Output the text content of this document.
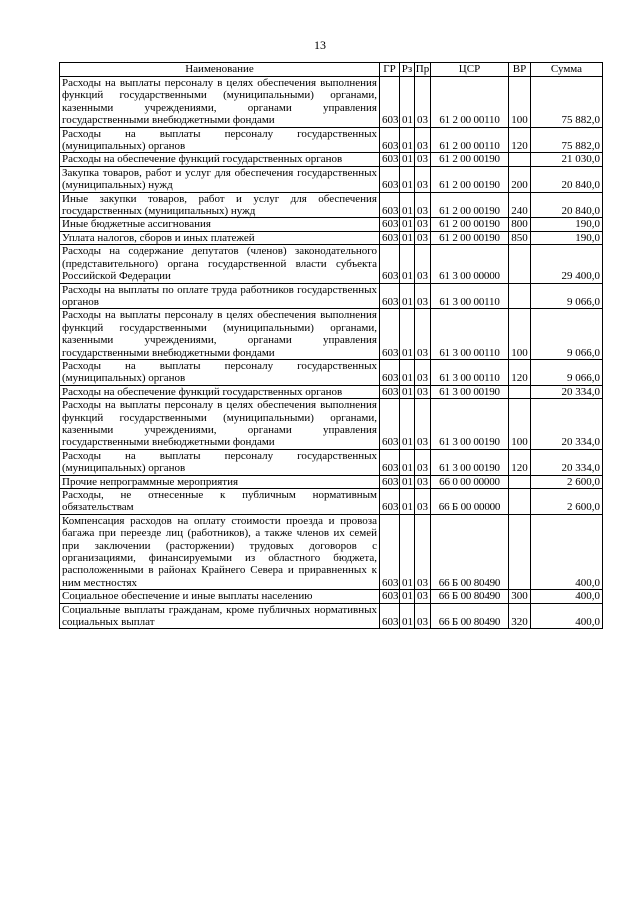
13
Наименование	ГР	Рз	Пр	ЦСР	ВР	Сумма
Расходы на выплаты персоналу в целях обеспечения выполнения функций государственными (муниципальными) органами, казенными учреждениями, органами управления государственными внебюджетными фондами	603	01	03	61 2 00 00110	100	75 882,0
Расходы на выплаты персоналу государственных (муниципальных) органов	603	01	03	61 2 00 00110	120	75 882,0
Расходы на обеспечение функций государственных органов	603	01	03	61 2 00 00190		21 030,0
Закупка товаров, работ и услуг для обеспечения государственных (муниципальных) нужд	603	01	03	61 2 00 00190	200	20 840,0
Иные закупки товаров, работ и услуг для обеспечения государственных (муниципальных) нужд	603	01	03	61 2 00 00190	240	20 840,0
Иные бюджетные ассигнования	603	01	03	61 2 00 00190	800	190,0
Уплата налогов, сборов и иных платежей	603	01	03	61 2 00 00190	850	190,0
Расходы на содержание депутатов (членов) законодательного (представительного) органа государственной власти субъекта Российской Федерации	603	01	03	61 3 00 00000		29 400,0
Расходы на выплаты по оплате труда работников государственных органов	603	01	03	61 3 00 00110		9 066,0
Расходы на выплаты персоналу в целях обеспечения выполнения функций государственными (муниципальными) органами, казенными учреждениями, органами управления государственными внебюджетными фондами	603	01	03	61 3 00 00110	100	9 066,0
Расходы на выплаты персоналу государственных (муниципальных) органов	603	01	03	61 3 00 00110	120	9 066,0
Расходы на обеспечение функций государственных органов	603	01	03	61 3 00 00190		20 334,0
Расходы на выплаты персоналу в целях обеспечения выполнения функций государственными (муниципальными) органами, казенными учреждениями, органами управления государственными внебюджетными фондами	603	01	03	61 3 00 00190	100	20 334,0
Расходы на выплаты персоналу государственных (муниципальных) органов	603	01	03	61 3 00 00190	120	20 334,0
Прочие непрограммные мероприятия	603	01	03	66 0 00 00000		2 600,0
Расходы, не отнесенные к публичным нормативным обязательствам	603	01	03	66 Б 00 00000		2 600,0
Компенсация расходов на оплату стоимости проезда и провоза багажа при переезде лиц (работников), а также членов их семей при заключении (расторжении) трудовых договоров с организациями, финансируемыми из областного бюджета, расположенными в районах Крайнего Севера и приравненных к ним местностях	603	01	03	66 Б 00 80490		400,0
Социальное обеспечение и иные выплаты населению	603	01	03	66 Б 00 80490	300	400,0
Социальные выплаты гражданам, кроме публичных нормативных социальных выплат	603	01	03	66 Б 00 80490	320	400,0
